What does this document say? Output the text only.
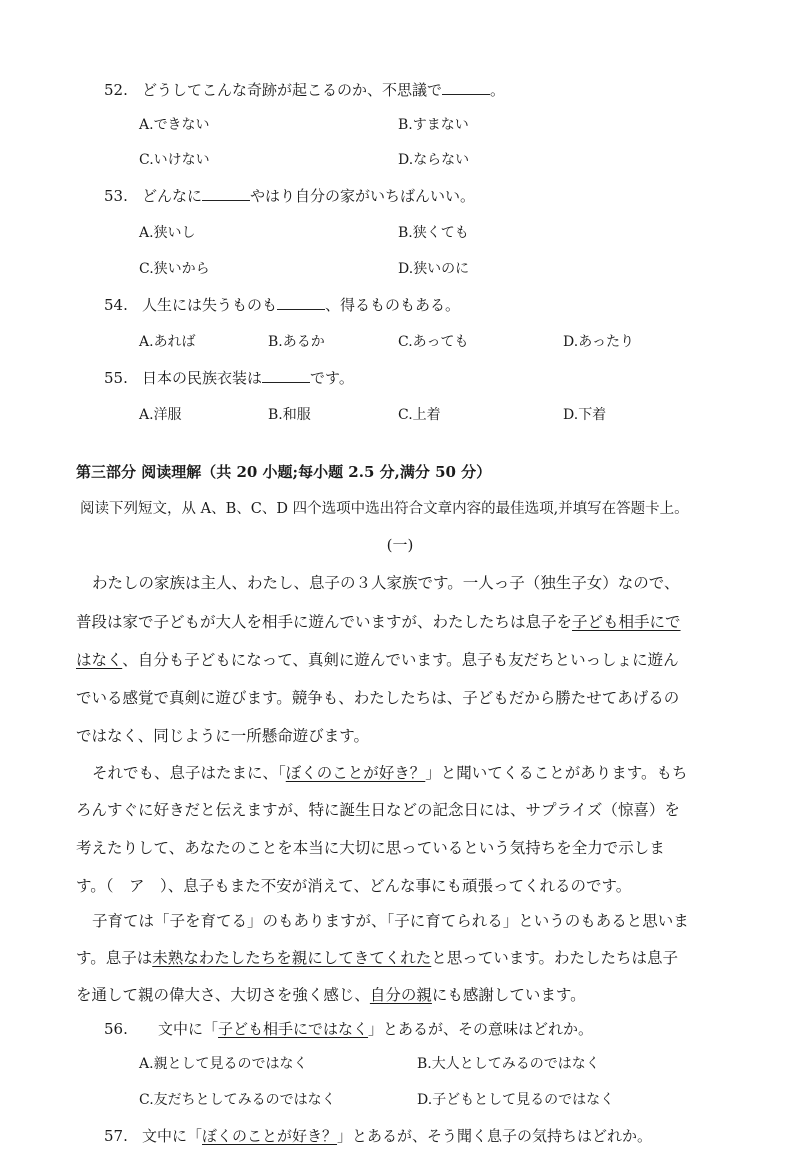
52. どうしてこんな奇跡が起こるのか、不思議で	。
A.できない	B.すまない
C.いけない	D.ならない
53. どんなに	やはり自分の家がいちばんいい。
A.狭いし	B.狭くても
C.狭いから	D.狭いのに
54. 人生には失うものも	、得るものもある。
A.あれば	B.あるか	C.あっても	D.あったり
55. 日本の民族衣装は	です。
A.洋服	B.和服	C.上着	D.下着
第三部分 阅读理解（共 20 小题;每小题 2.5 分,满分 50 分）
阅读下列短文，从 A、B、C、D 四个选项中选出符合文章内容的最佳选项,并填写在答题卡上。
(一)
わたしの家族は主人、わたし、息子の３人家族です。一人っ子（独生子女）なので、
普段は家で子どもが大人を相手に遊んでいますが、わたしたちは息子を子ども相手にで
はなく、自分も子どもになって、真剣に遊んでいます。息子も友だちといっしょに遊ん
でいる感覚で真剣に遊びます。競争も、わたしたちは、子どもだから勝たせてあげるの
ではなく、同じように一所懸命遊びます。
それでも、息子はたまに、「ぼくのことが好き？」と聞いてくることがあります。もち
ろんすぐに好きだと伝えますが、特に誕生日などの記念日には、サプライズ（惊喜）を
考えたりして、あなたのことを本当に大切に思っているという気持ちを全力で示しま
す。（　ア　）、息子もまた不安が消えて、どんな事にも頑張ってくれるのです。
子育ては「子を育てる」のもありますが、「子に育てられる」というのもあると思いま
す。息子は未熟なわたしたちを親にしてきてくれたと思っています。わたしたちは息子
を通して親の偉大さ、大切さを強く感じ、自分の親にも感謝しています。
56. 文中に「子ども相手にではなく」とあるが、その意味はどれか。
A.親として見るのではなく	B.大人としてみるのではなく
C.友だちとしてみるのではなく	D.子どもとして見るのではなく
57. 文中に「ぼくのことが好き？」とあるが、そう聞く息子の気持ちはどれか。
